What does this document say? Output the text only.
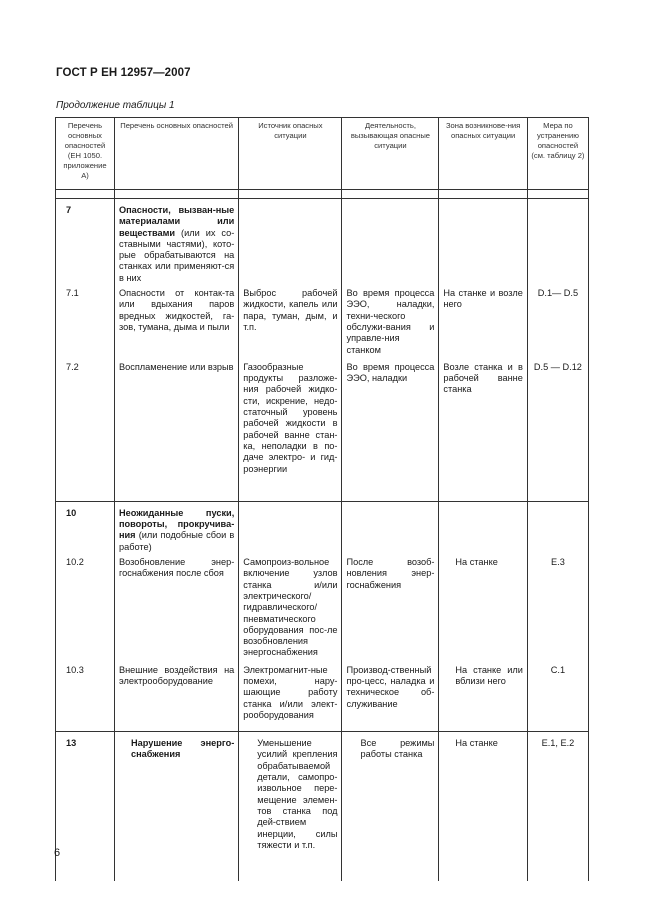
ГОСТ Р ЕН 12957—2007
Продолжение таблицы 1
Перечень основных опасностей (ЕН 1050. приложение А)	Перечень основных опасностей	Источник опасных ситуации	Деятельность, вызывающая опасные ситуации	Зона возникнове-ния опасных ситуации	Мера по устранению опасностей (см. таблицу 2)

7	Опасности, вызван-ные материалами или веществами (или их со-ставными частями), кото-рые обрабатываются на станках или применяют-ся в них				
7.1	Опасности от контак-та или вдыхания паров вредных жидкостей, га-зов, тумана, дыма и пыли	Выброс рабочей жидкости, капель или пара, туман, дым, и т.п.	Во время процесса ЭЭО, наладки, техни-ческого обслужи-вания и управле-ния станком	На станке и возле него	D.1— D.5
7.2	Воспламенение или взрыв	Газообразные продукты разложе-ния рабочей жидко-сти, искрение, недо-статочный уровень рабочей жидкости в рабочей ванне стан-ка, неполадки в по-даче электро- и гид-роэнергии	Во время процесса ЭЭО, наладки	Возле станка и в рабочей ванне станка	D.5 — D.12

10	Неожиданные пуски, повороты, прокручива-ния (или подобные сбои в работе)				
10.2	Возобновление энер-госнабжения после сбоя	Самопроиз-вольное включение узлов станка и/или электрического/ гидравлического/ пневматического оборудования пос-ле возобновления энергоснабжения	После возоб-новления энер-госнабжения	На станке	Е.3
10.3	Внешние воздействия на электрооборудование	Электромагнит-ные помехи, нару-шающие работу станка и/или элект-рооборудования	Производ-ственный про-цесс, наладка и техническое об-служивание	На станке или вблизи него	С.1

13	Нарушение энерго-снабжения	Уменьшение усилий крепления обрабатываемой детали, самопро-извольное пере-мещение элемен-тов станка под дей-ствием инерции, силы тяжести и т.п.	Все режимы работы станка	На станке	Е.1, Е.2

6
